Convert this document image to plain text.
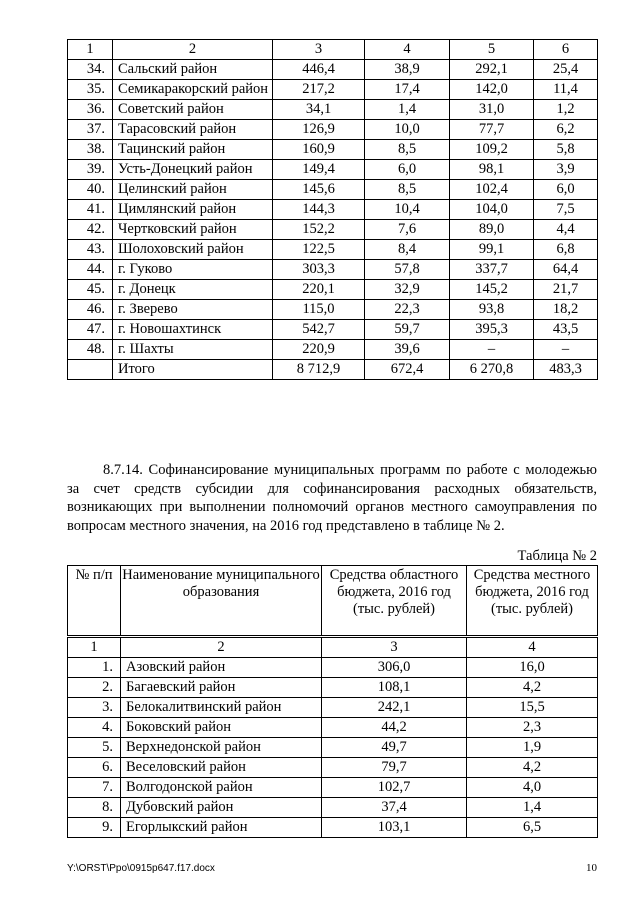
1	2	3	4	5	6
34.	Сальский район	446,4	38,9	292,1	25,4
35.	Семикаракорский район	217,2	17,4	142,0	11,4
36.	Советский район	34,1	1,4	31,0	1,2
37.	Тарасовский район	126,9	10,0	77,7	6,2
38.	Тацинский район	160,9	8,5	109,2	5,8
39.	Усть-Донецкий район	149,4	6,0	98,1	3,9
40.	Целинский район	145,6	8,5	102,4	6,0
41.	Цимлянский район	144,3	10,4	104,0	7,5
42.	Чертковский район	152,2	7,6	89,0	4,4
43.	Шолоховский район	122,5	8,4	99,1	6,8
44.	г. Гуково	303,3	57,8	337,7	64,4
45.	г. Донецк	220,1	32,9	145,2	21,7
46.	г. Зверево	115,0	22,3	93,8	18,2
47.	г. Новошахтинск	542,7	59,7	395,3	43,5
48.	г. Шахты	220,9	39,6	–	–
	Итого	8 712,9	672,4	6 270,8	483,3

8.7.14. Софинансирование муниципальных программ по работе с молодежью за счет средств субсидии для софинансирования расходных обязательств, возникающих при выполнении полномочий органов местного самоуправления по вопросам местного значения, на 2016 год представлено в таблице № 2.

Таблица № 2
№ п/п	Наименование муниципального образования	Средства областного бюджета, 2016 год (тыс. рублей)	Средства местного бюджета, 2016 год (тыс. рублей)
1	2	3	4
1.	Азовский район	306,0	16,0
2.	Багаевский район	108,1	4,2
3.	Белокалитвинский район	242,1	15,5
4.	Боковский район	44,2	2,3
5.	Верхнедонской район	49,7	1,9
6.	Веселовский район	79,7	4,2
7.	Волгодонской район	102,7	4,0
8.	Дубовский район	37,4	1,4
9.	Егорлыкский район	103,1	6,5
Y:\ORST\Ppo\0915p647.f17.docx	10
